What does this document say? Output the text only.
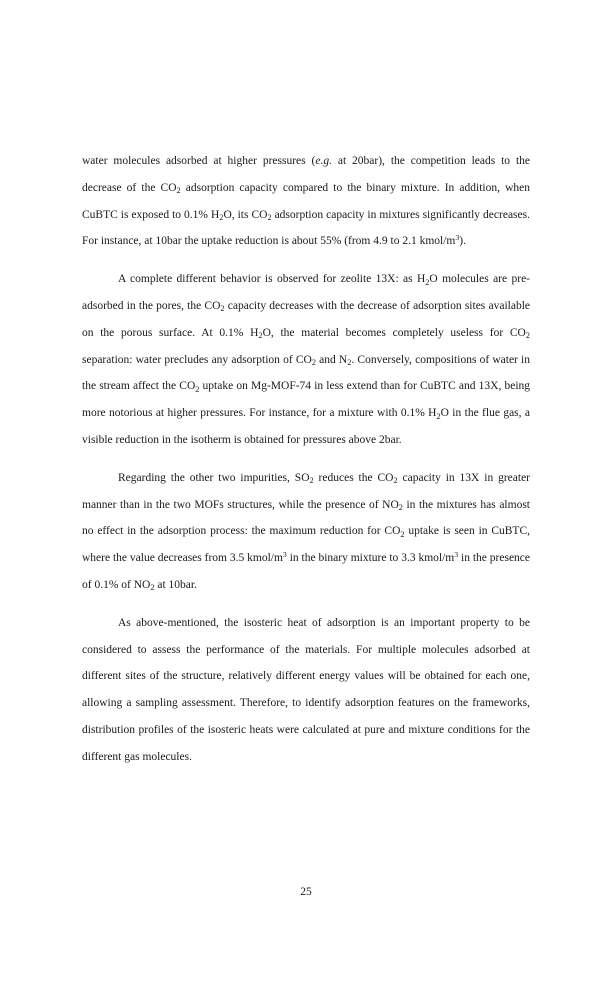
water molecules adsorbed at higher pressures (e.g. at 20bar), the competition leads to the decrease of the $CO_2$ adsorption capacity compared to the binary mixture. In addition, when CuBTC is exposed to 0.1% $H_2O$, its $CO_2$ adsorption capacity in mixtures significantly decreases. For instance, at 10bar the uptake reduction is about 55% (from 4.9 to 2.1 kmol/$m^3$).

A complete different behavior is observed for zeolite 13X: as $H_2O$ molecules are pre-adsorbed in the pores, the $CO_2$ capacity decreases with the decrease of adsorption sites available on the porous surface. At 0.1% $H_2O$, the material becomes completely useless for $CO_2$ separation: water precludes any adsorption of $CO_2$ and $N_2$. Conversely, compositions of water in the stream affect the $CO_2$ uptake on Mg-MOF-74 in less extend than for CuBTC and 13X, being more notorious at higher pressures. For instance, for a mixture with 0.1% $H_2O$ in the flue gas, a visible reduction in the isotherm is obtained for pressures above 2bar.

Regarding the other two impurities, $SO_2$ reduces the $CO_2$ capacity in 13X in greater manner than in the two MOFs structures, while the presence of $NO_2$ in the mixtures has almost no effect in the adsorption process: the maximum reduction for $CO_2$ uptake is seen in CuBTC, where the value decreases from 3.5 kmol/$m^3$ in the binary mixture to 3.3 kmol/$m^3$ in the presence of 0.1% of $NO_2$ at 10bar.

As above-mentioned, the isosteric heat of adsorption is an important property to be considered to assess the performance of the materials. For multiple molecules adsorbed at different sites of the structure, relatively different energy values will be obtained for each one, allowing a sampling assessment. Therefore, to identify adsorption features on the frameworks, distribution profiles of the isosteric heats were calculated at pure and mixture conditions for the different gas molecules.

25
